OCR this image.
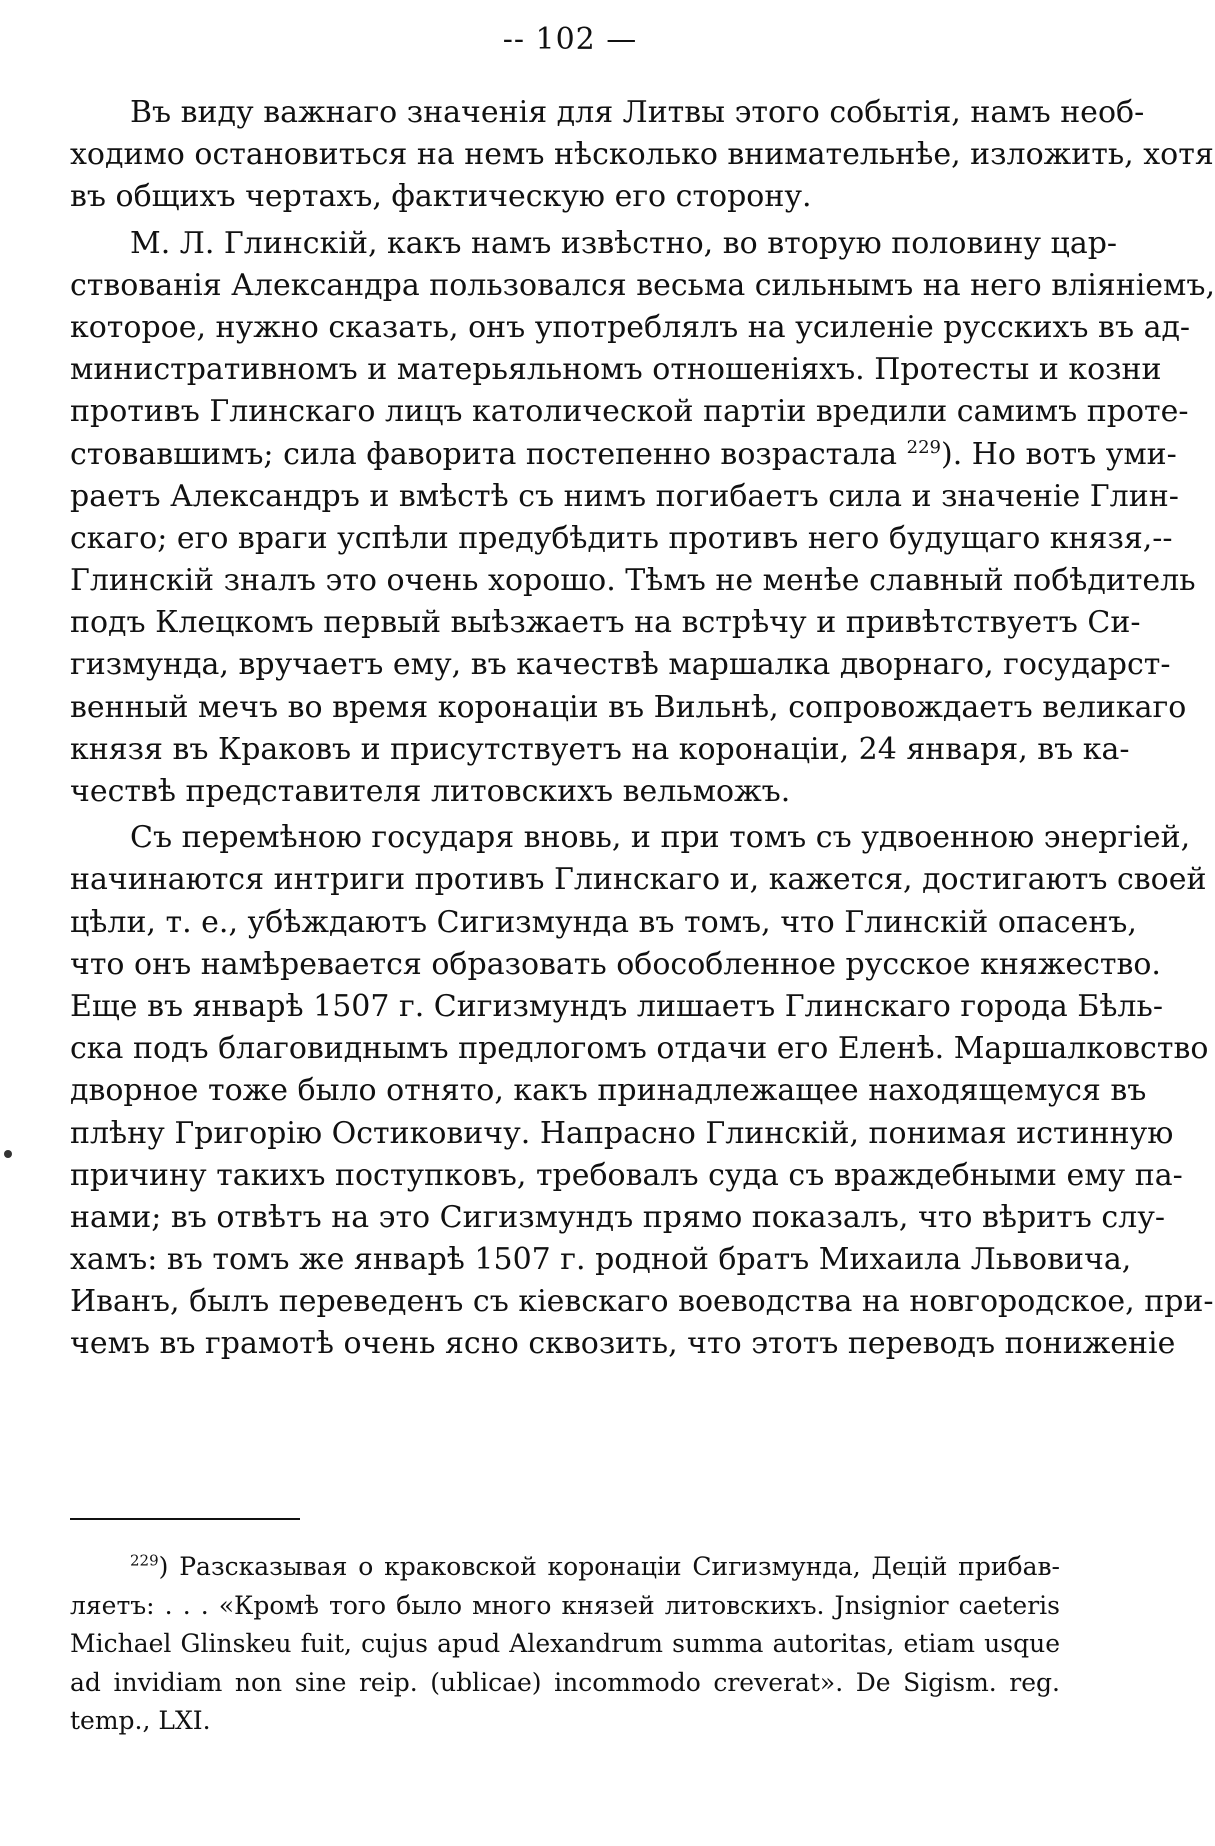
-- 102 —
Въ виду важнаго значенія для Литвы этого событія, намъ необ-
ходимо остановиться на немъ нѣсколько внимательнѣе, изложить, хотя
въ общихъ чертахъ, фактическую его сторону.
М. Л. Глинскій, какъ намъ извѣстно, во вторую половину цар-
ствованія Александра пользовался весьма сильнымъ на него вліяніемъ,
которое, нужно сказать, онъ употреблялъ на усиленіе русскихъ въ ад-
министративномъ и матерьяльномъ отношеніяхъ. Протесты и козни
противъ Глинскаго лицъ католической партіи вредили самимъ проте-
стовавшимъ; сила фаворита постепенно возрастала $^{229}$). Но вотъ уми-
раетъ Александръ и вмѣстѣ съ нимъ погибаетъ сила и значеніе Глин-
скаго; его враги успѣли предубѣдить противъ него будущаго князя,--
Глинскій зналъ это очень хорошо. Тѣмъ не менѣе славный побѣдитель
подъ Клецкомъ первый выѣзжаетъ на встрѣчу и привѣтствуетъ Си-
гизмунда, вручаетъ ему, въ качествѣ маршалка дворнаго, государст-
венный мечъ во время коронаціи въ Вильнѣ, сопровождаетъ великаго
князя въ Краковъ и присутствуетъ на коронаціи, 24 января, въ ка-
чествѣ представителя литовскихъ вельможъ.
Съ перемѣною государя вновь, и при томъ съ удвоенною энергіей,
начинаются интриги противъ Глинскаго и, кажется, достигаютъ своей
цѣли, т. е., убѣждаютъ Сигизмунда въ томъ, что Глинскій опасенъ,
что онъ намѣревается образовать обособленное русское княжество.
Еще въ январѣ 1507 г. Сигизмундъ лишаетъ Глинскаго города Бѣль-
ска подъ благовиднымъ предлогомъ отдачи его Еленѣ. Маршалковство
дворное тоже было отнято, какъ принадлежащее находящемуся въ
плѣну Григорію Остиковичу. Напрасно Глинскій, понимая истинную
причину такихъ поступковъ, требовалъ суда съ враждебными ему па-
нами; въ отвѣтъ на это Сигизмундъ прямо показалъ, что вѣритъ слу-
хамъ: въ томъ же январѣ 1507 г. родной братъ Михаила Львовича,
Иванъ, былъ переведенъ съ кіевскаго воеводства на новгородское, при-
чемъ въ грамотѣ очень ясно сквозить, что этотъ переводъ пониженіе
$^{229}$) Разсказывая о краковской коронаціи Сигизмунда, Децій прибав-
ляетъ: . . . «Кромѣ того было много князей литовскихъ. Jnsignior caeteris
Michael Glinskeu fuit, cujus apud Alexandrum summa autoritas, etiam usque
ad invidiam non sine reip. (ublicae) incommodo creverat». De Sigism. reg.
temp., LXI.
